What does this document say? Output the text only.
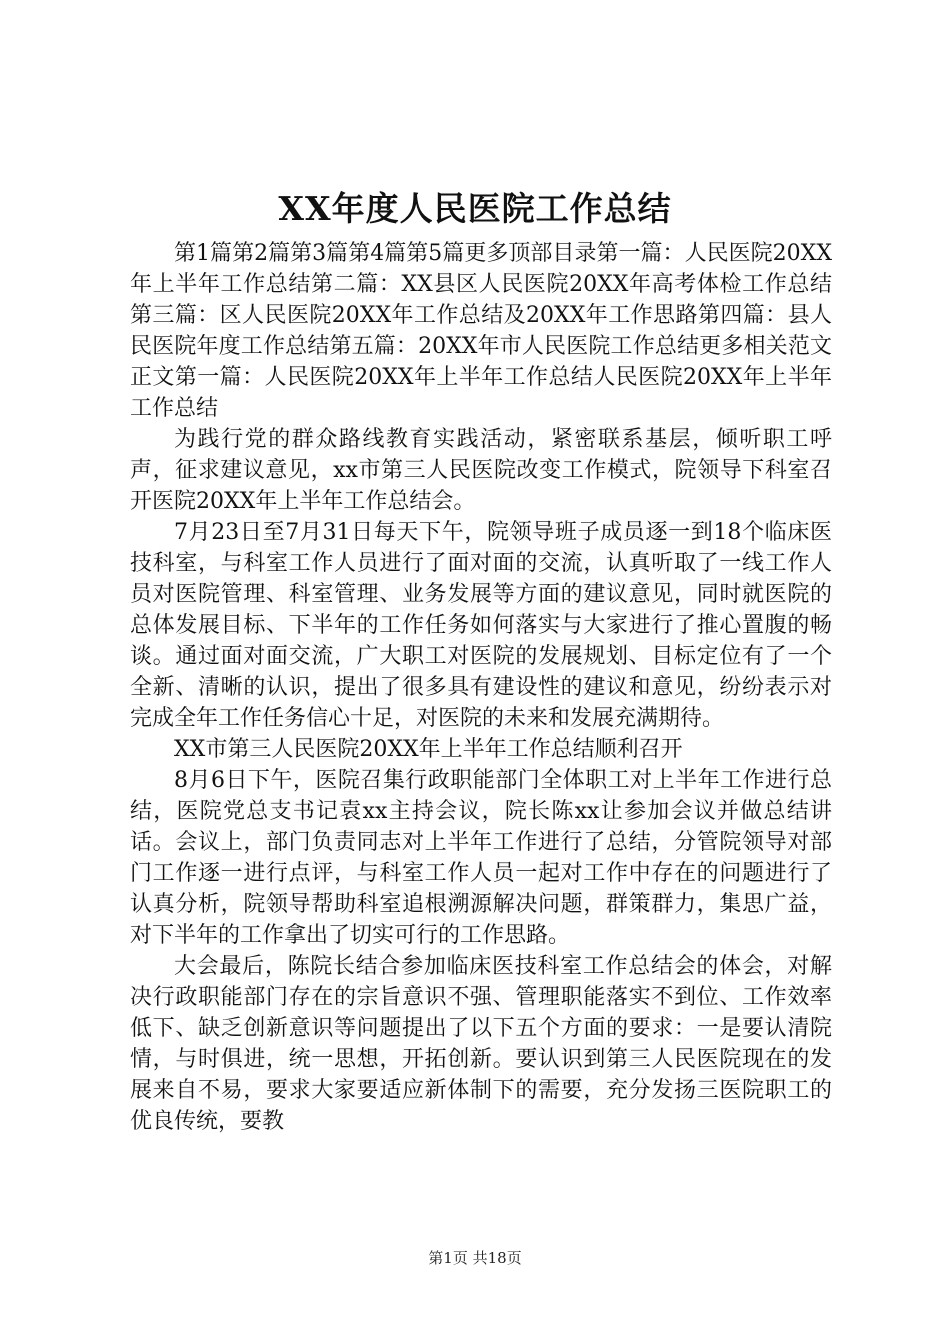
XX年度人民医院工作总结

第1篇第2篇第3篇第4篇第5篇更多顶部目录第一篇：人民医院20XX年上半年工作总结第二篇：XX县区人民医院20XX年高考体检工作总结第三篇：区人民医院20XX年工作总结及20XX年工作思路第四篇：县人民医院年度工作总结第五篇：20XX年市人民医院工作总结更多相关范文正文第一篇：人民医院20XX年上半年工作总结人民医院20XX年上半年工作总结

为践行党的群众路线教育实践活动，紧密联系基层，倾听职工呼声，征求建议意见，xx市第三人民医院改变工作模式，院领导下科室召开医院20XX年上半年工作总结会。

7月23日至7月31日每天下午，院领导班子成员逐一到18个临床医技科室，与科室工作人员进行了面对面的交流，认真听取了一线工作人员对医院管理、科室管理、业务发展等方面的建议意见，同时就医院的总体发展目标、下半年的工作任务如何落实与大家进行了推心置腹的畅谈。通过面对面交流，广大职工对医院的发展规划、目标定位有了一个全新、清晰的认识，提出了很多具有建设性的建议和意见，纷纷表示对完成全年工作任务信心十足，对医院的未来和发展充满期待。

XX市第三人民医院20XX年上半年工作总结顺利召开

8月6日下午，医院召集行政职能部门全体职工对上半年工作进行总结，医院党总支书记袁xx主持会议，院长陈xx让参加会议并做总结讲话。会议上，部门负责同志对上半年工作进行了总结，分管院领导对部门工作逐一进行点评，与科室工作人员一起对工作中存在的问题进行了认真分析，院领导帮助科室追根溯源解决问题，群策群力，集思广益，对下半年的工作拿出了切实可行的工作思路。

大会最后，陈院长结合参加临床医技科室工作总结会的体会，对解决行政职能部门存在的宗旨意识不强、管理职能落实不到位、工作效率低下、缺乏创新意识等问题提出了以下五个方面的要求：一是要认清院情，与时俱进，统一思想，开拓创新。要认识到第三人民医院现在的发展来自不易，要求大家要适应新体制下的需要，充分发扬三医院职工的优良传统，要教

第1页 共18页
